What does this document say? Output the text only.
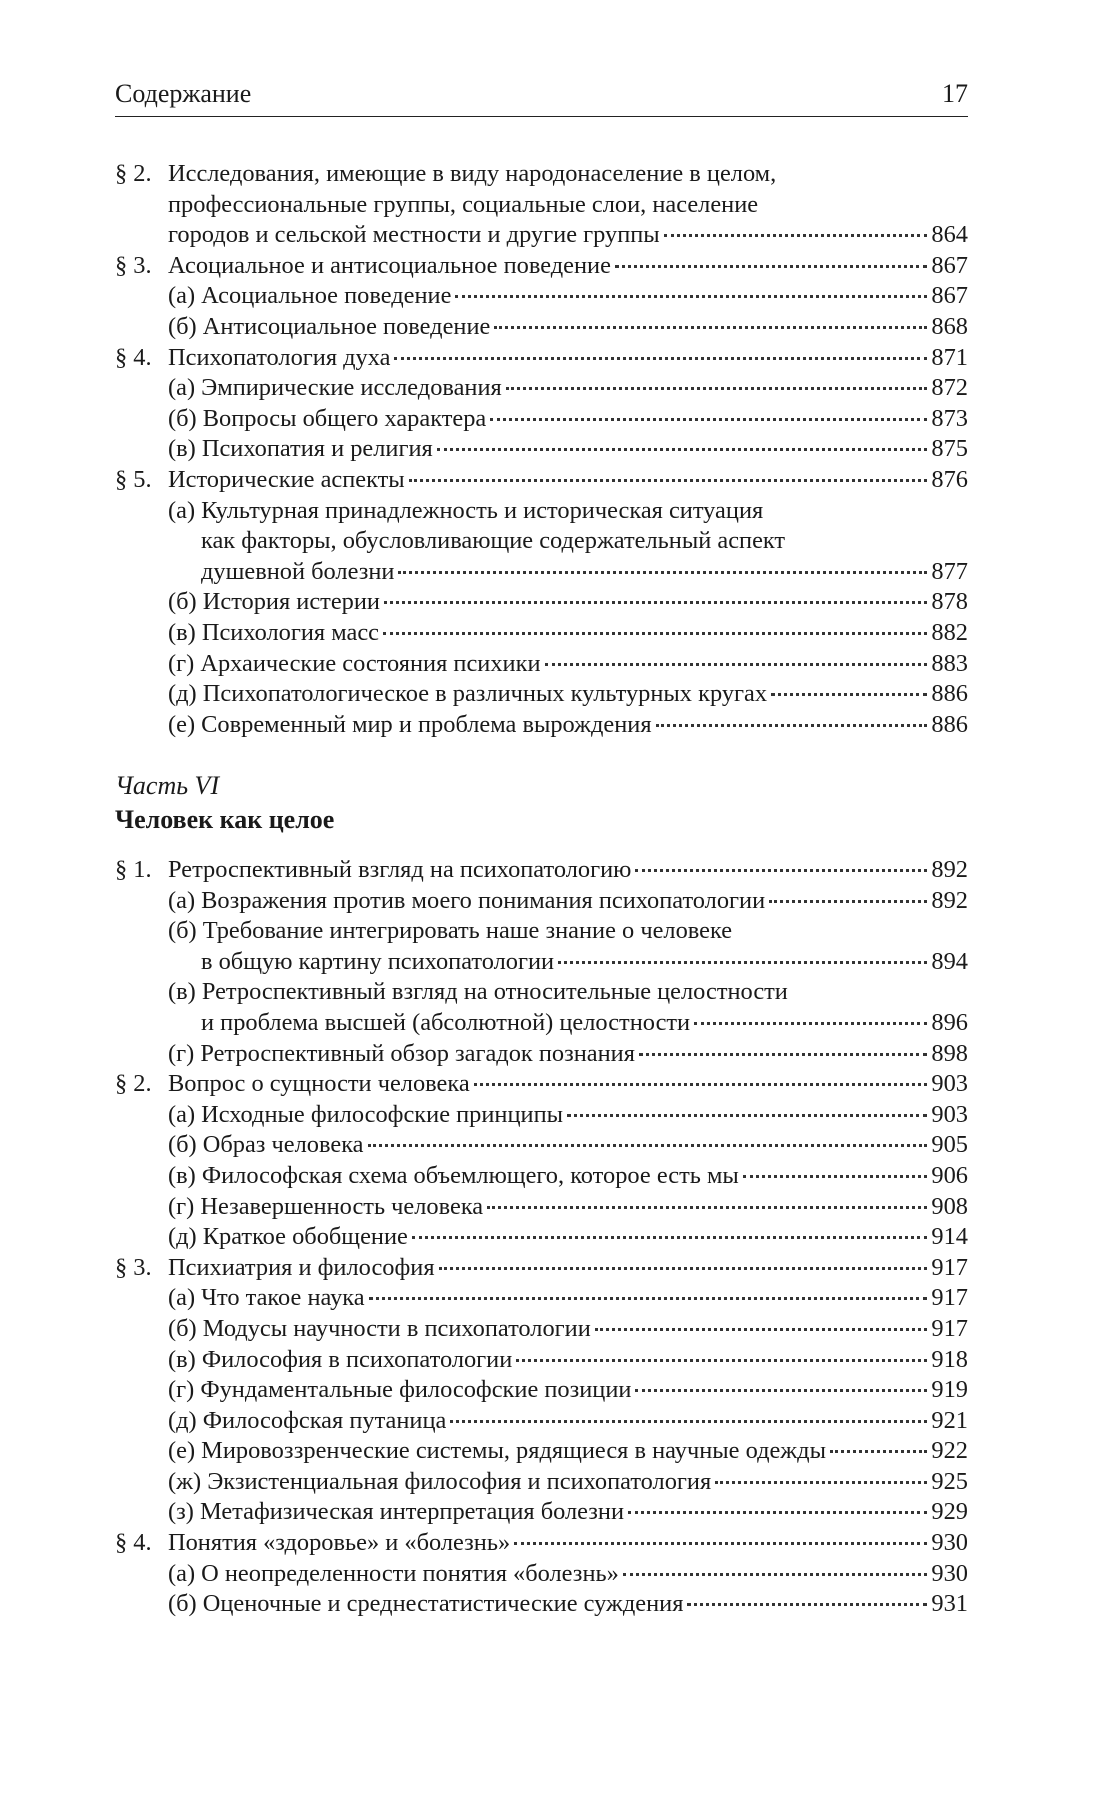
Содержание	17
§ 2. Исследования, имеющие в виду народонаселение в целом,
профессиональные группы, социальные слои, население
городов и сельской местности и другие группы	864
§ 3. Асоциальное и антисоциальное поведение	867
(а) Асоциальное поведение	867
(б) Антисоциальное поведение	868
§ 4. Психопатология духа	871
(а) Эмпирические исследования	872
(б) Вопросы общего характера	873
(в) Психопатия и религия	875
§ 5. Исторические аспекты	876
(а) Культурная принадлежность и историческая ситуация
как факторы, обусловливающие содержательный аспект
душевной болезни	877
(б) История истерии	878
(в) Психология масс	882
(г) Архаические состояния психики	883
(д) Психопатологическое в различных культурных кругах	886
(е) Современный мир и проблема вырождения	886
Часть VI
Человек как целое
§ 1. Ретроспективный взгляд на психопатологию	892
(а) Возражения против моего понимания психопатологии	892
(б) Требование интегрировать наше знание о человеке
в общую картину психопатологии	894
(в) Ретроспективный взгляд на относительные целостности
и проблема высшей (абсолютной) целостности	896
(г) Ретроспективный обзор загадок познания	898
§ 2. Вопрос о сущности человека	903
(а) Исходные философские принципы	903
(б) Образ человека	905
(в) Философская схема объемлющего, которое есть мы	906
(г) Незавершенность человека	908
(д) Краткое обобщение	914
§ 3. Психиатрия и философия	917
(а) Что такое наука	917
(б) Модусы научности в психопатологии	917
(в) Философия в психопатологии	918
(г) Фундаментальные философские позиции	919
(д) Философская путаница	921
(е) Мировоззренческие системы, рядящиеся в научные одежды	922
(ж) Экзистенциальная философия и психопатология	925
(з) Метафизическая интерпретация болезни	929
§ 4. Понятия «здоровье» и «болезнь»	930
(а) О неопределенности понятия «болезнь»	930
(б) Оценочные и среднестатистические суждения	931
